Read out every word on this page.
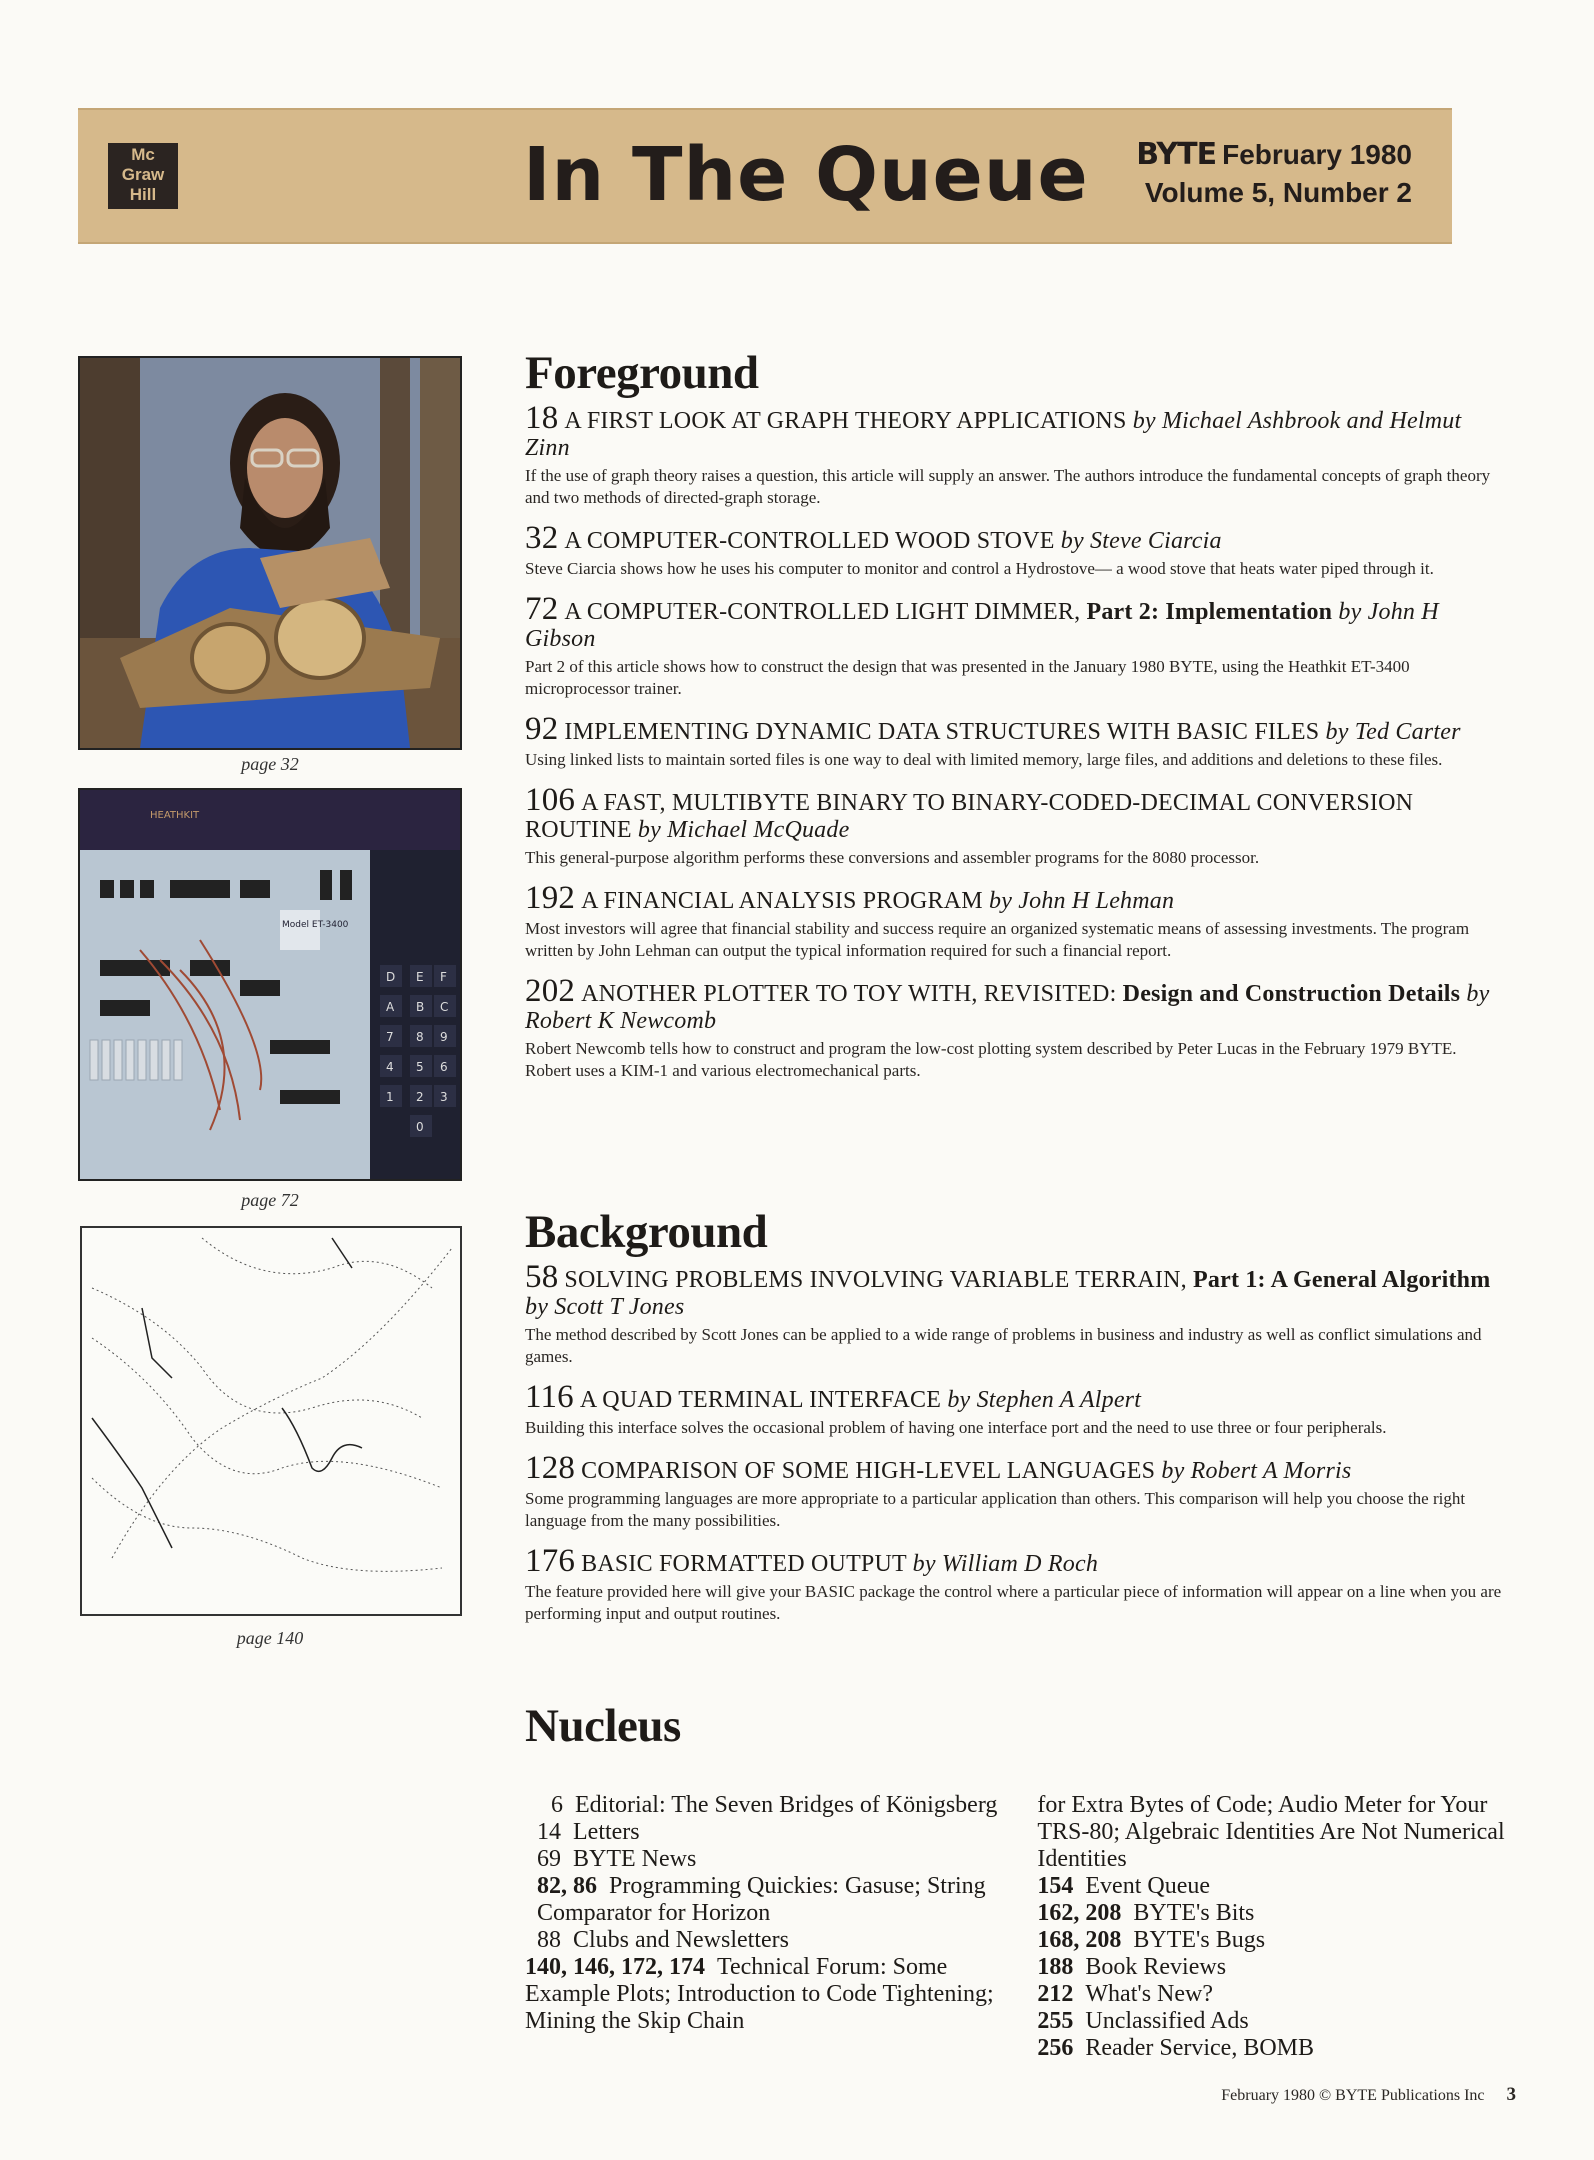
Mc
Graw
Hill	In The Queue BYTE February 1980
Volume 5, Number 2
page 32
HEATHKIT
Model ET-3400
D E F
A B C
7 8 9
4 5 6
1 2 3
0
page 72
page 140
Foreground
18 A FIRST LOOK AT GRAPH THEORY APPLICATIONS by Michael Ashbrook and Helmut Zinn
If the use of graph theory raises a question, this article will supply an answer. The authors introduce the fundamental concepts of graph theory and two methods of directed-graph storage.
32 A COMPUTER-CONTROLLED WOOD STOVE by Steve Ciarcia
Steve Ciarcia shows how he uses his computer to monitor and control a Hydrostove— a wood stove that heats water piped through it.
72 A COMPUTER-CONTROLLED LIGHT DIMMER, Part 2: Implementation by John H Gibson
Part 2 of this article shows how to construct the design that was presented in the January 1980 BYTE, using the Heathkit ET-3400 microprocessor trainer.
92 IMPLEMENTING DYNAMIC DATA STRUCTURES WITH BASIC FILES by Ted Carter
Using linked lists to maintain sorted files is one way to deal with limited memory, large files, and additions and deletions to these files.
106 A FAST, MULTIBYTE BINARY TO BINARY-CODED-DECIMAL CONVERSION ROUTINE by Michael McQuade
This general-purpose algorithm performs these conversions and assembler programs for the 8080 processor.
192 A FINANCIAL ANALYSIS PROGRAM by John H Lehman
Most investors will agree that financial stability and success require an organized systematic means of assessing investments. The program written by John Lehman can output the typical information required for such a financial report.
202 ANOTHER PLOTTER TO TOY WITH, REVISITED: Design and Construction Details by Robert K Newcomb
Robert Newcomb tells how to construct and program the low-cost plotting system described by Peter Lucas in the February 1979 BYTE. Robert uses a KIM-1 and various electromechanical parts.
Background
58 SOLVING PROBLEMS INVOLVING VARIABLE TERRAIN, Part 1: A General Algorithm by Scott T Jones
The method described by Scott Jones can be applied to a wide range of problems in business and industry as well as conflict simulations and games.
116 A QUAD TERMINAL INTERFACE by Stephen A Alpert
Building this interface solves the occasional problem of having one interface port and the need to use three or four peripherals.
128 COMPARISON OF SOME HIGH-LEVEL LANGUAGES by Robert A Morris
Some programming languages are more appropriate to a particular application than others. This comparison will help you choose the right language from the many possibilities.
176 BASIC FORMATTED OUTPUT by William D Roch
The feature provided here will give your BASIC package the control where a particular piece of information will appear on a line when you are performing input and output routines.
Nucleus
6 Editorial: The Seven Bridges of Königsberg
14 Letters
69 BYTE News
82, 86 Programming Quickies: Gasuse; String Comparator for Horizon
88 Clubs and Newsletters
140, 146, 172, 174 Technical Forum: Some Example Plots; Introduction to Code Tightening; Mining the Skip Chain
for Extra Bytes of Code; Audio Meter for Your TRS-80; Algebraic Identities Are Not Numerical Identities
154 Event Queue
162, 208 BYTE's Bits
168, 208 BYTE's Bugs
188 Book Reviews
212 What's New?
255 Unclassified Ads
256 Reader Service, BOMB
February 1980 © BYTE Publications Inc 3
